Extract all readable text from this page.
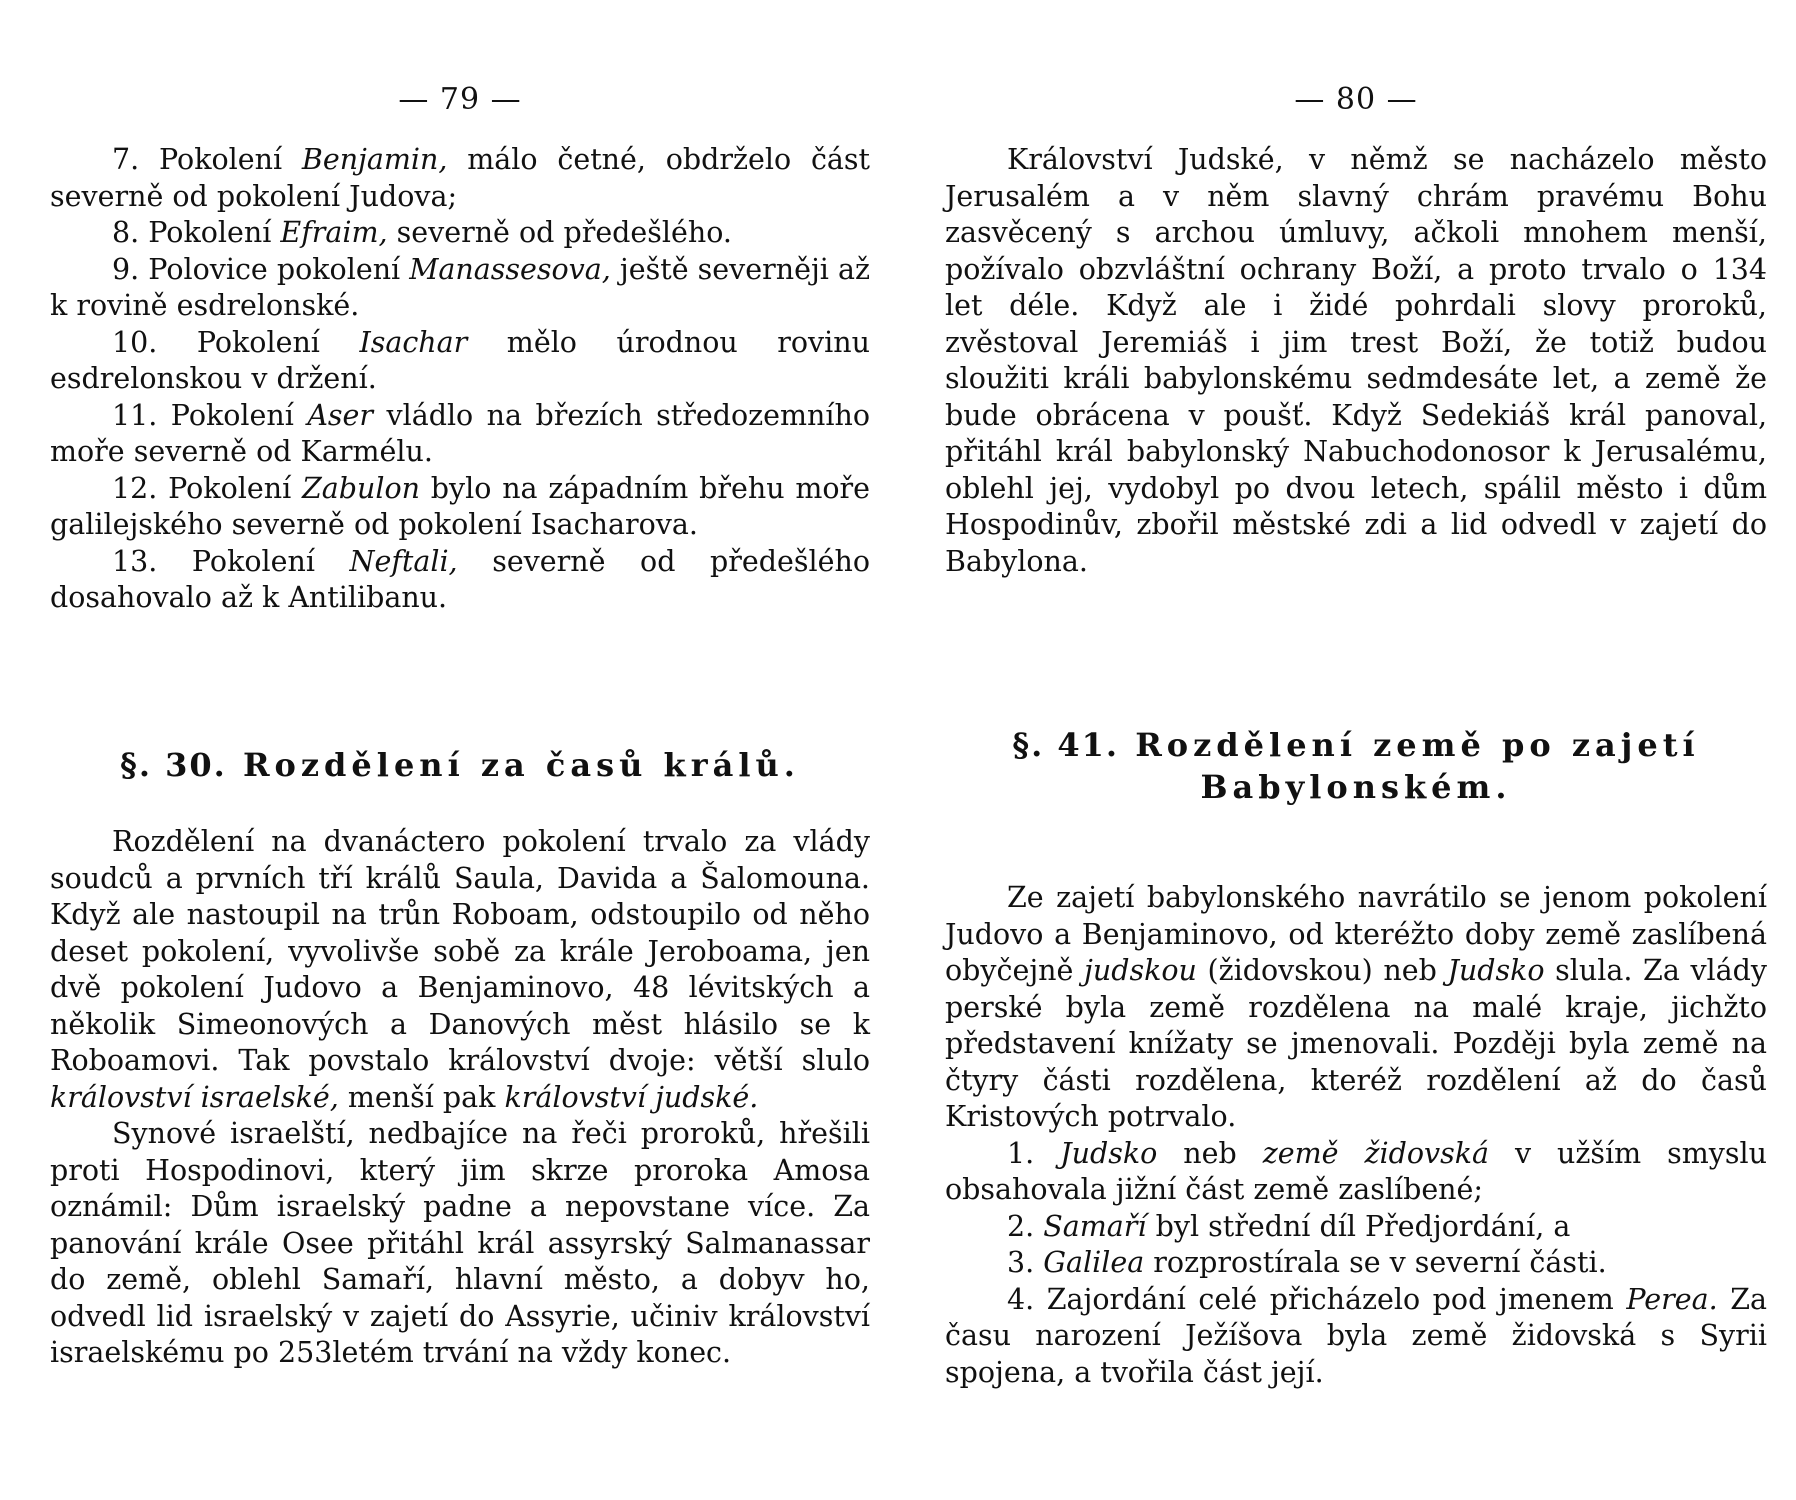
— 79 —

7. Pokolení Benjamin, málo četné, obdrželo část severně od pokolení Judova;

8. Pokolení Efraim, severně od předešlého.

9. Polovice pokolení Manassesova, ještě severněji až k rovině esdrelonské.

10. Pokolení Isachar mělo úrodnou rovinu esdrelonskou v držení.

11. Pokolení Aser vládlo na březích středozemního moře severně od Karmélu.

12. Pokolení Zabulon bylo na západním břehu moře galilejského severně od pokolení Isacharova.

13. Pokolení Neftali, severně od předešlého dosahovalo až k Antilibanu.

§. 30. Rozdělení za časů králů.

Rozdělení na dvanáctero pokolení trvalo za vlády soudců a prvních tří králů Saula, Davida a Šalomouna. Když ale nastoupil na trůn Roboam, odstoupilo od něho deset pokolení, vyvolivše sobě za krále Jeroboama, jen dvě pokolení Judovo a Benjaminovo, 48 lévitských a několik Simeonových a Danových měst hlásilo se k Roboamovi. Tak povstalo království dvoje: větší slulo království israelské, menší pak království judské.

Synové israelští, nedbajíce na řeči proroků, hřešili proti Hospodinovi, který jim skrze proroka Amosa oznámil: Dům israelský padne a nepovstane více. Za panování krále Osee přitáhl král assyrský Salmanassar do země, oblehl Samaří, hlavní město, a dobyv ho, odvedl lid israelský v zajetí do Assyrie, učiniv království israelskému po 253letém trvání na vždy konec.

— 80 —

Království Judské, v němž se nacházelo město Jerusalém a v něm slavný chrám pravému Bohu zasvěcený s archou úmluvy, ačkoli mnohem menší, požívalo obzvláštní ochrany Boží, a proto trvalo o 134 let déle. Když ale i židé pohrdali slovy proroků, zvěstoval Jeremiáš i jim trest Boží, že totiž budou sloužiti králi babylonskému sedmdesáte let, a země že bude obrácena v poušť. Když Sedekiáš král panoval, přitáhl král babylonský Nabuchodonosor k Jerusalému, oblehl jej, vydobyl po dvou letech, spálil město i dům Hospodinův, zbořil městské zdi a lid odvedl v zajetí do Babylona.

§. 41. Rozdělení země po zajetí
Babylonském.

Ze zajetí babylonského navrátilo se jenom pokolení Judovo a Benjaminovo, od kteréžto doby země zaslíbená obyčejně judskou (židovskou) neb Judsko slula. Za vlády perské byla země rozdělena na malé kraje, jichžto představení knížaty se jmenovali. Později byla země na čtyry části rozdělena, kteréž rozdělení až do časů Kristových potrvalo.

1. Judsko neb země židovská v užším smyslu obsahovala jižní část země zaslíbené;

2. Samaří byl střední díl Předjordání, a

3. Galilea rozprostírala se v severní části.

4. Zajordání celé přicházelo pod jmenem Perea. Za času narození Ježíšova byla země židovská s Syrii spojena, a tvořila část její.
